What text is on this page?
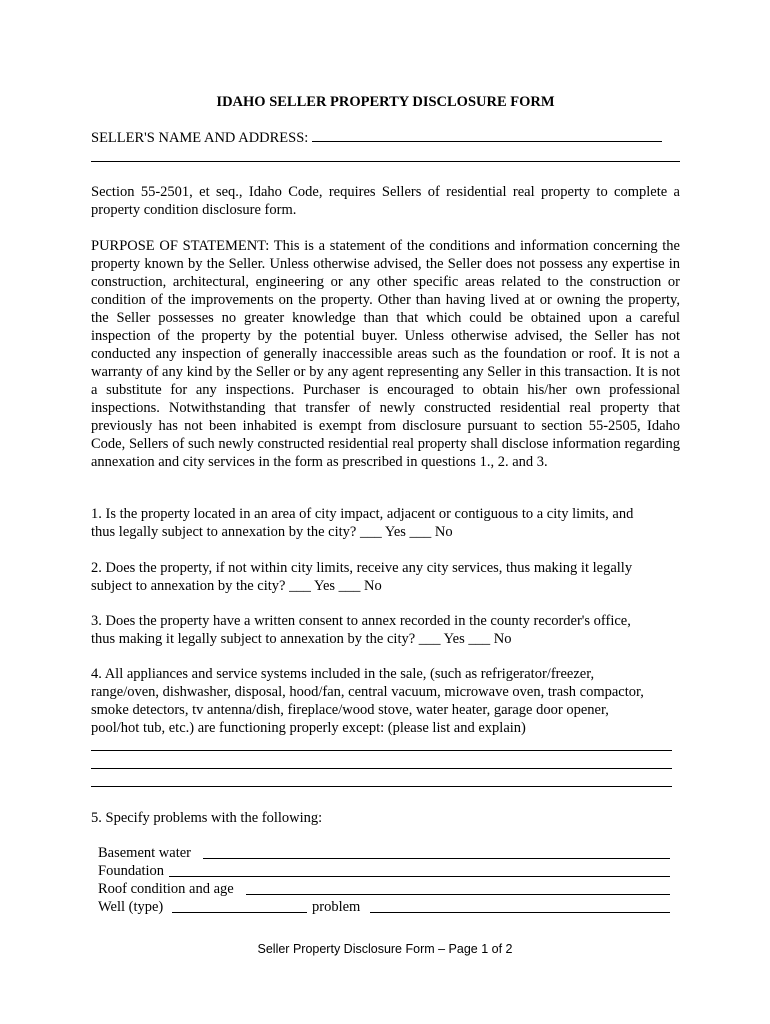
IDAHO SELLER PROPERTY DISCLOSURE FORM
SELLER'S NAME AND ADDRESS:
Section 55-2501, et seq., Idaho Code, requires Sellers of residential real property to complete a property condition disclosure form.
PURPOSE OF STATEMENT: This is a statement of the conditions and information concerning the property known by the Seller. Unless otherwise advised, the Seller does not possess any expertise in construction, architectural, engineering or any other specific areas related to the construction or condition of the improvements on the property. Other than having lived at or owning the property, the Seller possesses no greater knowledge than that which could be obtained upon a careful inspection of the property by the potential buyer. Unless otherwise advised, the Seller has not conducted any inspection of generally inaccessible areas such as the foundation or roof. It is not a warranty of any kind by the Seller or by any agent representing any Seller in this transaction. It is not a substitute for any inspections. Purchaser is encouraged to obtain his/her own professional inspections. Notwithstanding that transfer of newly constructed residential real property that previously has not been inhabited is exempt from disclosure pursuant to section 55-2505, Idaho Code, Sellers of such newly constructed residential real property shall disclose information regarding annexation and city services in the form as prescribed in questions 1., 2. and 3.
1. Is the property located in an area of city impact, adjacent or contiguous to a city limits, and
thus legally subject to annexation by the city? ___ Yes ___ No
2. Does the property, if not within city limits, receive any city services, thus making it legally
subject to annexation by the city? ___ Yes ___ No
3. Does the property have a written consent to annex recorded in the county recorder's office,
thus making it legally subject to annexation by the city? ___ Yes ___ No
4. All appliances and service systems included in the sale, (such as refrigerator/freezer,
range/oven, dishwasher, disposal, hood/fan, central vacuum, microwave oven, trash compactor,
smoke detectors, tv antenna/dish, fireplace/wood stove, water heater, garage door opener,
pool/hot tub, etc.) are functioning properly except: (please list and explain)
5. Specify problems with the following:
Basement water
Foundation
Roof condition and age
Well (type)	problem
Seller Property Disclosure Form – Page 1 of 2
